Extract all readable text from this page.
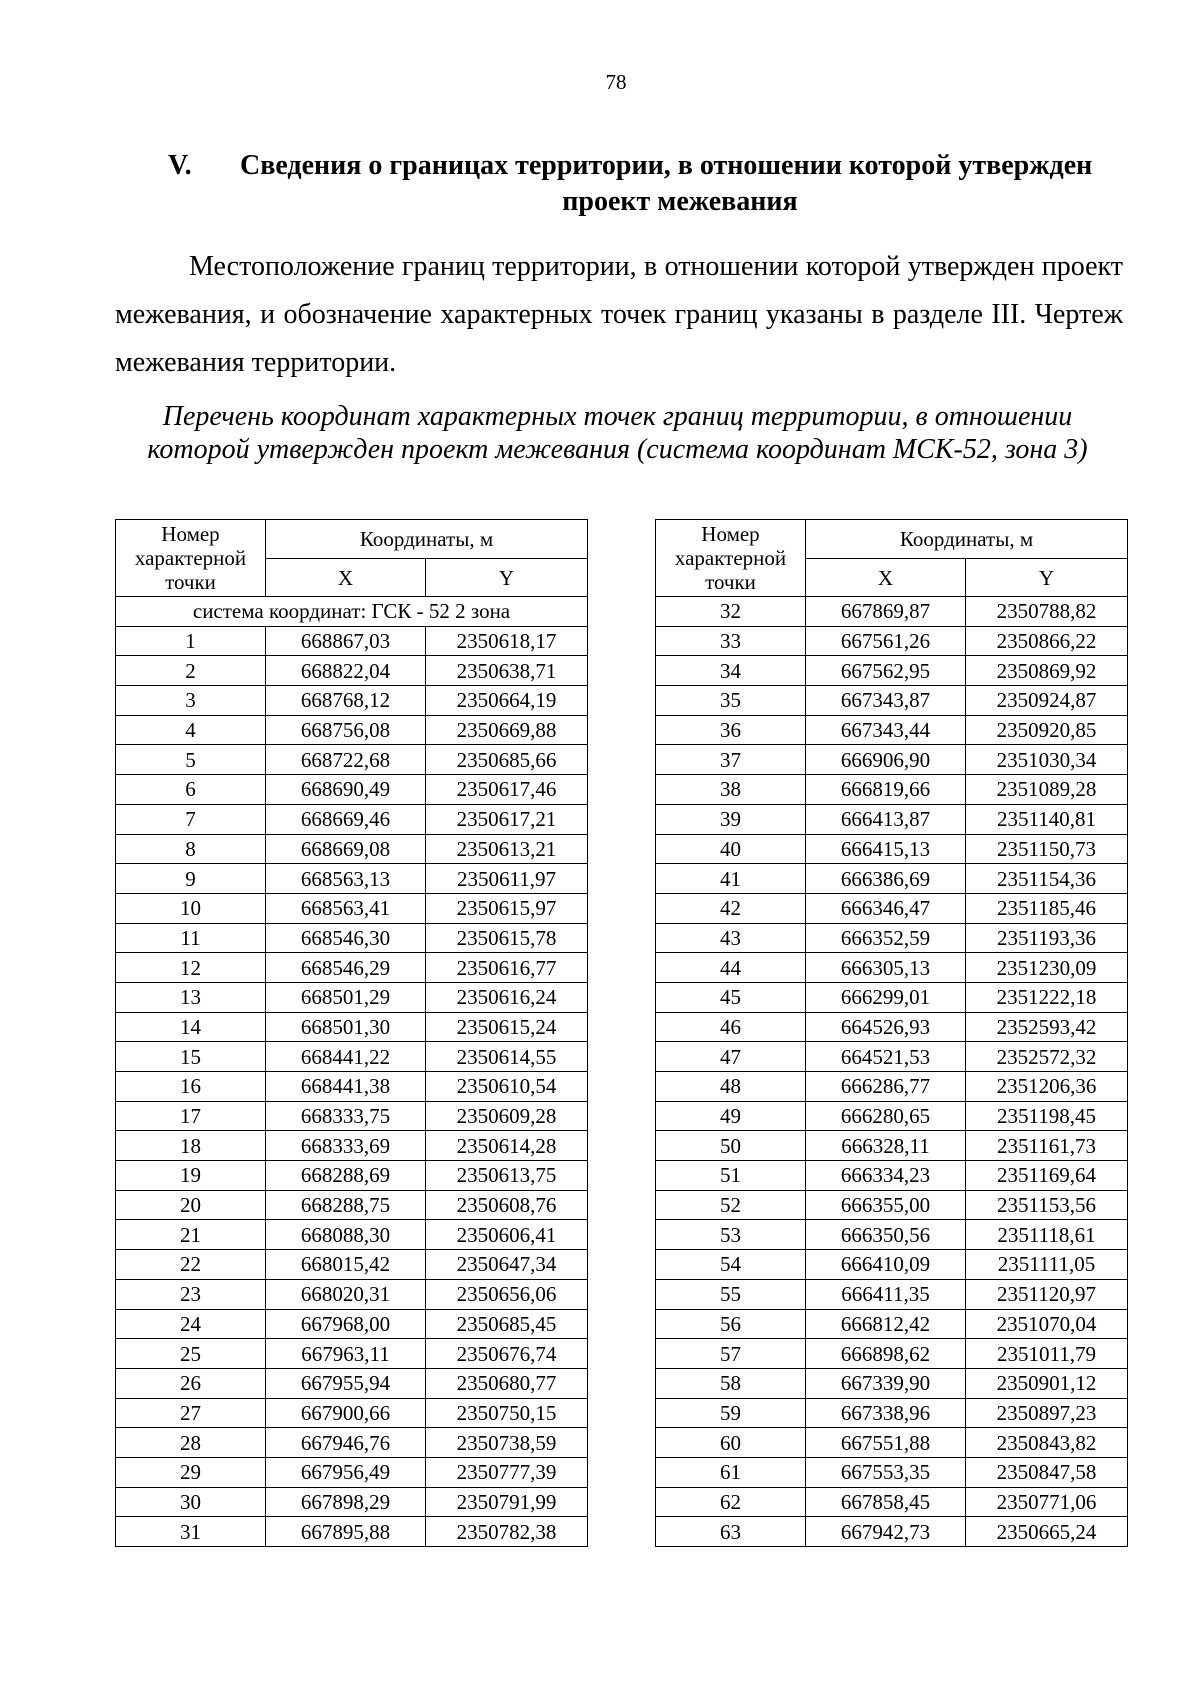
78
V. Сведения о границах территории, в отношении которой утвержден
проект межевания

Местоположение границ территории, в отношении которой утвержден проект межевания, и обозначение характерных точек границ указаны в разделе III. Чертеж межевания территории.

Перечень координат характерных точек границ территории, в отношении
которой утвержден проект межевания (система координат МСК-52, зона 3)
Номер характерной точки	Координаты, м	
	X	Y
система координат: ГСК - 52 2 зона		
1	668867,03	2350618,17
2	668822,04	2350638,71
3	668768,12	2350664,19
4	668756,08	2350669,88
5	668722,68	2350685,66
6	668690,49	2350617,46
7	668669,46	2350617,21
8	668669,08	2350613,21
9	668563,13	2350611,97
10	668563,41	2350615,97
11	668546,30	2350615,78
12	668546,29	2350616,77
13	668501,29	2350616,24
14	668501,30	2350615,24
15	668441,22	2350614,55
16	668441,38	2350610,54
17	668333,75	2350609,28
18	668333,69	2350614,28
19	668288,69	2350613,75
20	668288,75	2350608,76
21	668088,30	2350606,41
22	668015,42	2350647,34
23	668020,31	2350656,06
24	667968,00	2350685,45
25	667963,11	2350676,74
26	667955,94	2350680,77
27	667900,66	2350750,15
28	667946,76	2350738,59
29	667956,49	2350777,39
30	667898,29	2350791,99
31	667895,88	2350782,38
Номер характерной точки	Координаты, м	
	X	Y
32	667869,87	2350788,82
33	667561,26	2350866,22
34	667562,95	2350869,92
35	667343,87	2350924,87
36	667343,44	2350920,85
37	666906,90	2351030,34
38	666819,66	2351089,28
39	666413,87	2351140,81
40	666415,13	2351150,73
41	666386,69	2351154,36
42	666346,47	2351185,46
43	666352,59	2351193,36
44	666305,13	2351230,09
45	666299,01	2351222,18
46	664526,93	2352593,42
47	664521,53	2352572,32
48	666286,77	2351206,36
49	666280,65	2351198,45
50	666328,11	2351161,73
51	666334,23	2351169,64
52	666355,00	2351153,56
53	666350,56	2351118,61
54	666410,09	2351111,05
55	666411,35	2351120,97
56	666812,42	2351070,04
57	666898,62	2351011,79
58	667339,90	2350901,12
59	667338,96	2350897,23
60	667551,88	2350843,82
61	667553,35	2350847,58
62	667858,45	2350771,06
63	667942,73	2350665,24
